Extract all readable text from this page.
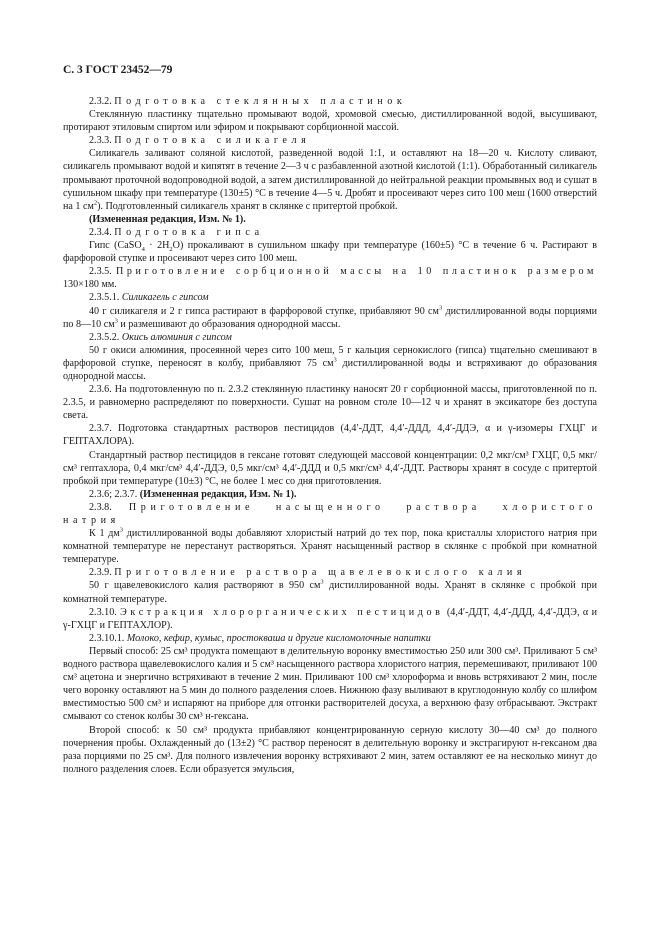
С. 3 ГОСТ 23452—79

2.3.2. Подготовка стеклянных пластинок

Стеклянную пластинку тщательно промывают водой, хромовой смесью, дистиллированной водой, высушивают, протирают этиловым спиртом или эфиром и покрывают сорбционной массой.

2.3.3. Подготовка силикагеля

Силикагель заливают соляной кислотой, разведенной водой 1:1, и оставляют на 18—20 ч. Кислоту сливают, силикагель промывают водой и кипятят в течение 2—3 ч с разбавленной азотной кислотой (1:1). Обработанный силикагель промывают проточной водопроводной водой, а затем дистиллированной до нейтральной реакции промывных вод и сушат в сушильном шкафу при температуре (130±5) °С в течение 4—5 ч. Дробят и просеивают через сито 100 меш (1600 отверстий на 1 $см^2$). Подготовленный силикагель хранят в склянке с притертой пробкой.

(Измененная редакция, Изм. № 1).

2.3.4. Подготовка гипса

Гипс (CaSO$_4$ · $2H_2O$) прокаливают в сушильном шкафу при температуре (160±5) °С в течение 6 ч. Растирают в фарфоровой ступке и просеивают через сито 100 меш.

2.3.5. Приготовление сорбционной массы на 10 пластинок размером 130×180 мм.

2.3.5.1. Силикагель с гипсом

40 г силикагеля и 2 г гипса растирают в фарфоровой ступке, прибавляют 90 $см^3$ дистиллированной воды порциями по 8—10 $см^3$ и размешивают до образования однородной массы.

2.3.5.2. Окись алюминия с гипсом

50 г окиси алюминия, просеянной через сито 100 меш, 5 г кальция сернокислого (гипса) тщательно смешивают в фарфоровой ступке, переносят в колбу, прибавляют 75 $см^3$ дистиллированной воды и встряхивают до образования однородной массы.

2.3.6. На подготовленную по п. 2.3.2 стеклянную пластинку наносят 20 г сорбционной массы, приготовленной по п. 2.3.5, и равномерно распределяют по поверхности. Сушат на ровном столе 10—12 ч и хранят в эксикаторе без доступа света.

2.3.7. Подготовка стандартных растворов пестицидов (4,4′-ДДТ, 4,4′-ДДД, 4,4′-ДДЭ, α и γ-изомеры ГХЦГ и ГЕПТАХЛОРА).

Стандартный раствор пестицидов в гексане готовят следующей массовой концентрации: 0,2 мкг/см³ ГХЦГ, 0,5 мкг/см³ гептахлора, 0,4 мкг/см³ 4,4′-ДДЭ, 0,5 мкг/см³ 4,4′-ДДД и 0,5 мкг/см³ 4,4′-ДДТ. Растворы хранят в сосуде с притертой пробкой при температуре (10±3) °С, не более 1 мес со дня приготовления.

2.3.6; 2.3.7. (Измененная редакция, Изм. № 1).

2.3.8. Приготовление насыщенного раствора хлористого натрия

К 1 $дм^3$ дистиллированной воды добавляют хлористый натрий до тех пор, пока кристаллы хлористого натрия при комнатной температуре не перестанут растворяться. Хранят насыщенный раствор в склянке с пробкой при комнатной температуре.

2.3.9. Приготовление раствора щавелевокислого калия

50 г щавелевокислого калия растворяют в 950 $см^3$ дистиллированной воды. Хранят в склянке с пробкой при комнатной температуре.

2.3.10. Экстракция хлорорганических пестицидов (4,4′-ДДТ, 4,4′-ДДД, 4,4′-ДДЭ, α и γ-ГХЦГ и ГЕПТАХЛОР).

2.3.10.1. Молоко, кефир, кумыс, простокваша и другие кисломолочные напитки

Первый способ: 25 см³ продукта помещают в делительную воронку вместимостью 250 или 300 см³. Приливают 5 см³ водного раствора щавелевокислого калия и 5 см³ насыщенного раствора хлористого натрия, перемешивают, приливают 100 см³ ацетона и энергично встряхивают в течение 2 мин. Приливают 100 см³ хлороформа и вновь встряхивают 2 мин, после чего воронку оставляют на 5 мин до полного разделения слоев. Нижнюю фазу выливают в круглодонную колбу со шлифом вместимостью 500 см³ и испаряют на приборе для отгонки растворителей досуха, а верхнюю фазу отбрасывают. Экстракт смывают со стенок колбы 30 см³ н-гексана.

Второй способ: к 50 см³ продукта прибавляют концентрированную серную кислоту 30—40 см³ до полного почернения пробы. Охлажденный до (13±2) °С раствор переносят в делительную воронку и экстрагируют н-гексаном два раза порциями по 25 см³. Для полного извлечения воронку встряхивают 2 мин, затем оставляют ее на несколько минут до полного разделения слоев. Если образуется эмульсия,
